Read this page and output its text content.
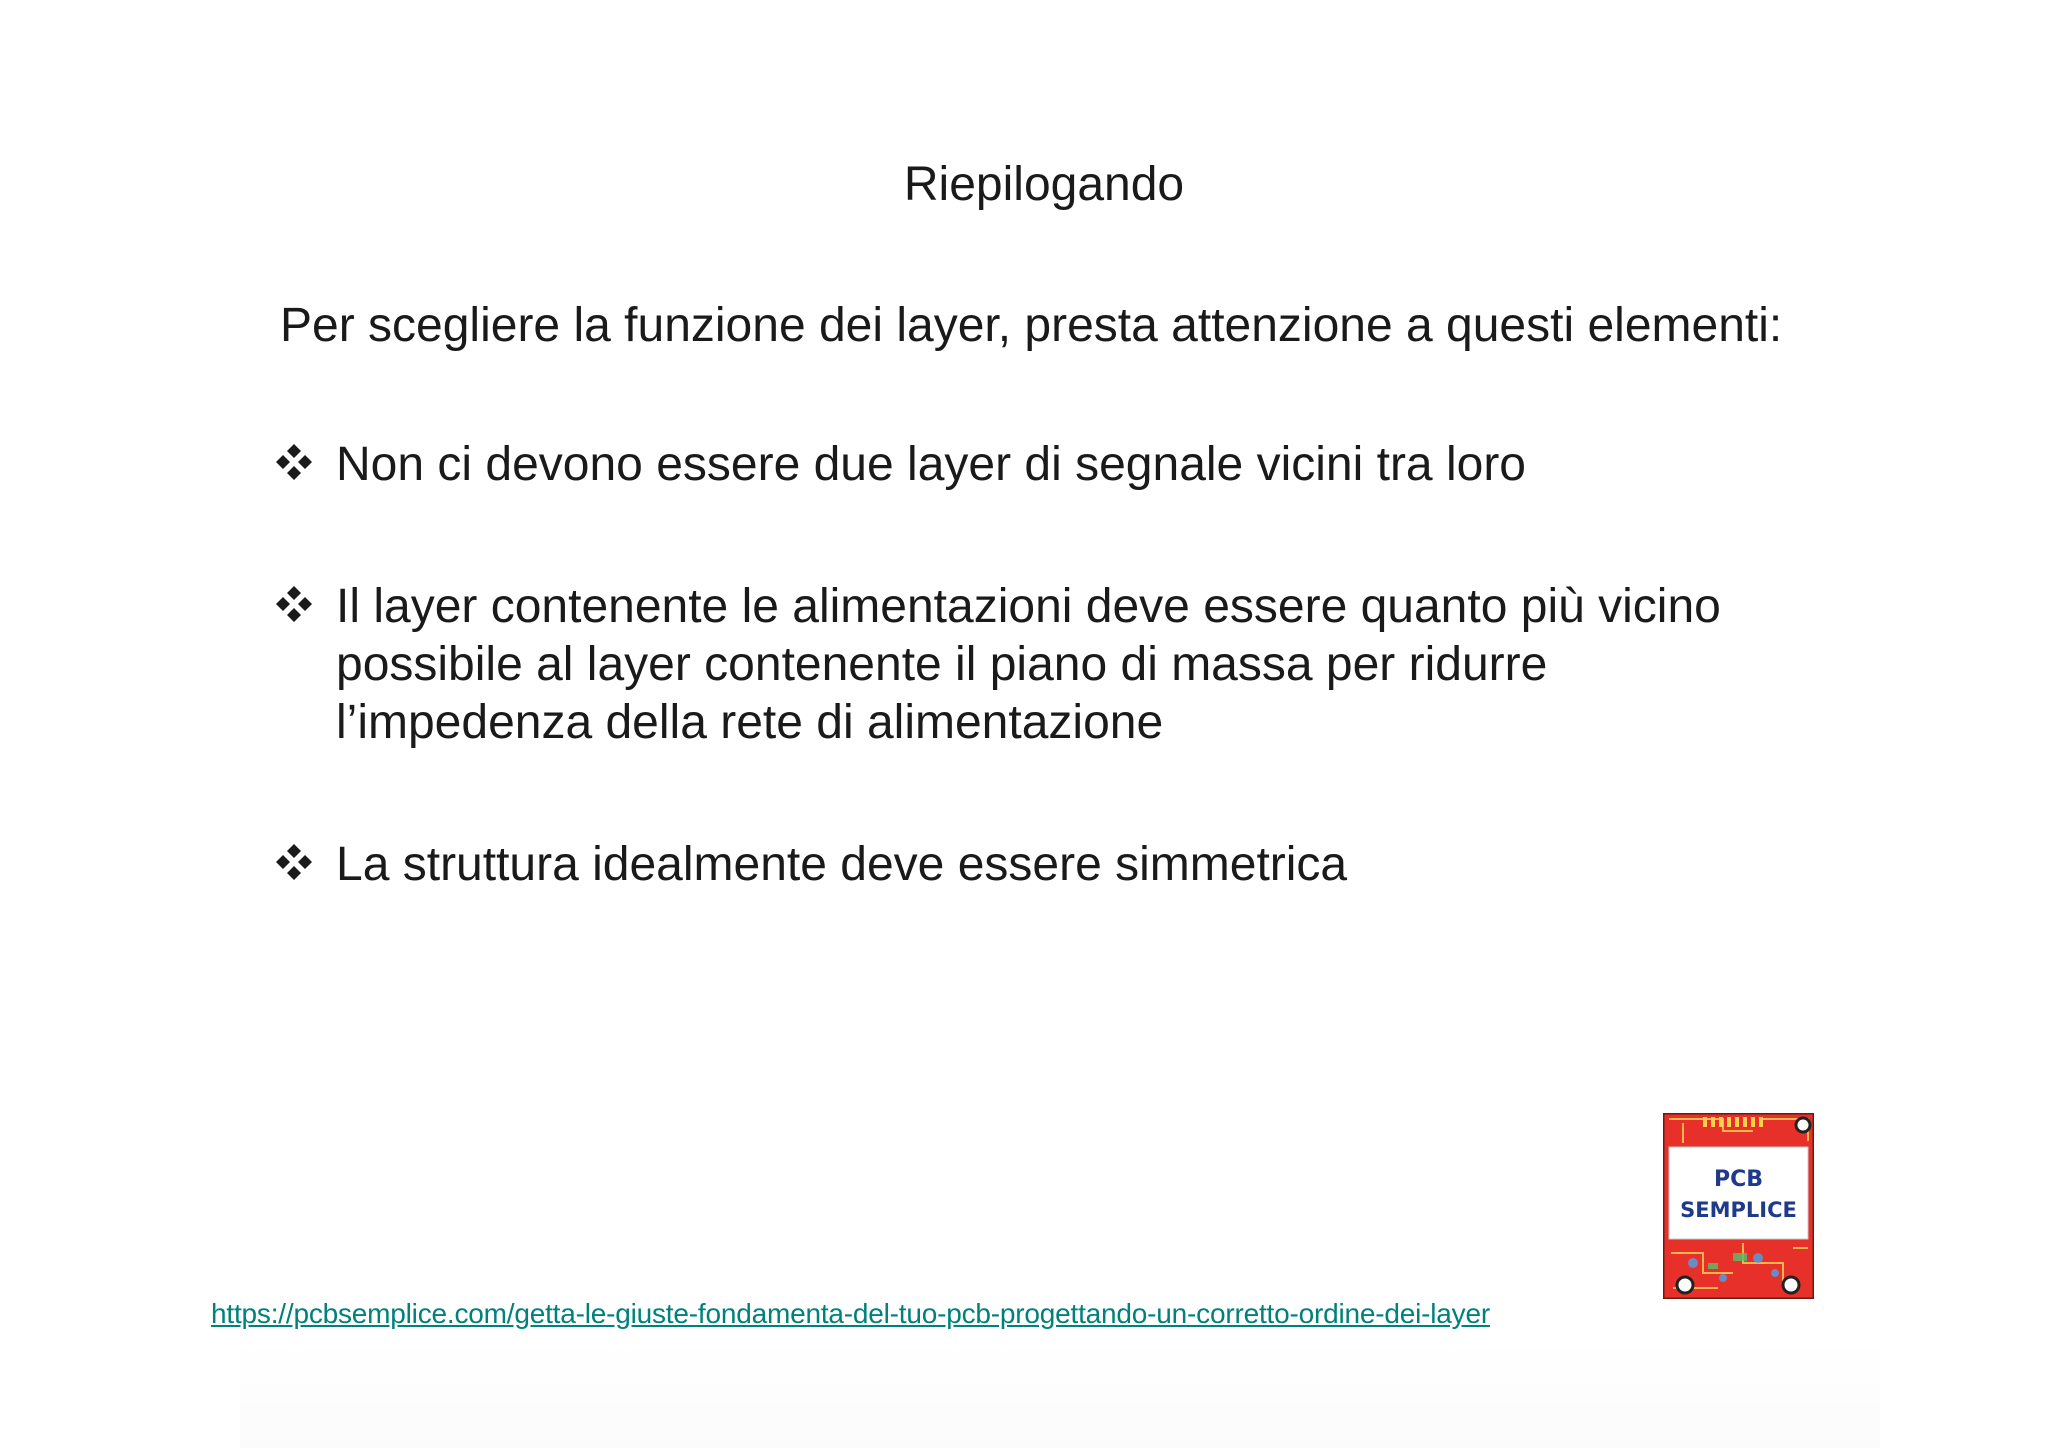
Riepilogando
Per scegliere la funzione dei layer, presta attenzione a questi elementi:
Non ci devono essere due layer di segnale vicini tra loro
Il layer contenente le alimentazioni deve essere quanto più vicino
possibile al layer contenente il piano di massa per ridurre
l’impedenza della rete di alimentazione
La struttura idealmente deve essere simmetrica
PCB
SEMPLICE
https://pcbsemplice.com/getta-le-giuste-fondamenta-del-tuo-pcb-progettando-un-corretto-ordine-dei-layer
